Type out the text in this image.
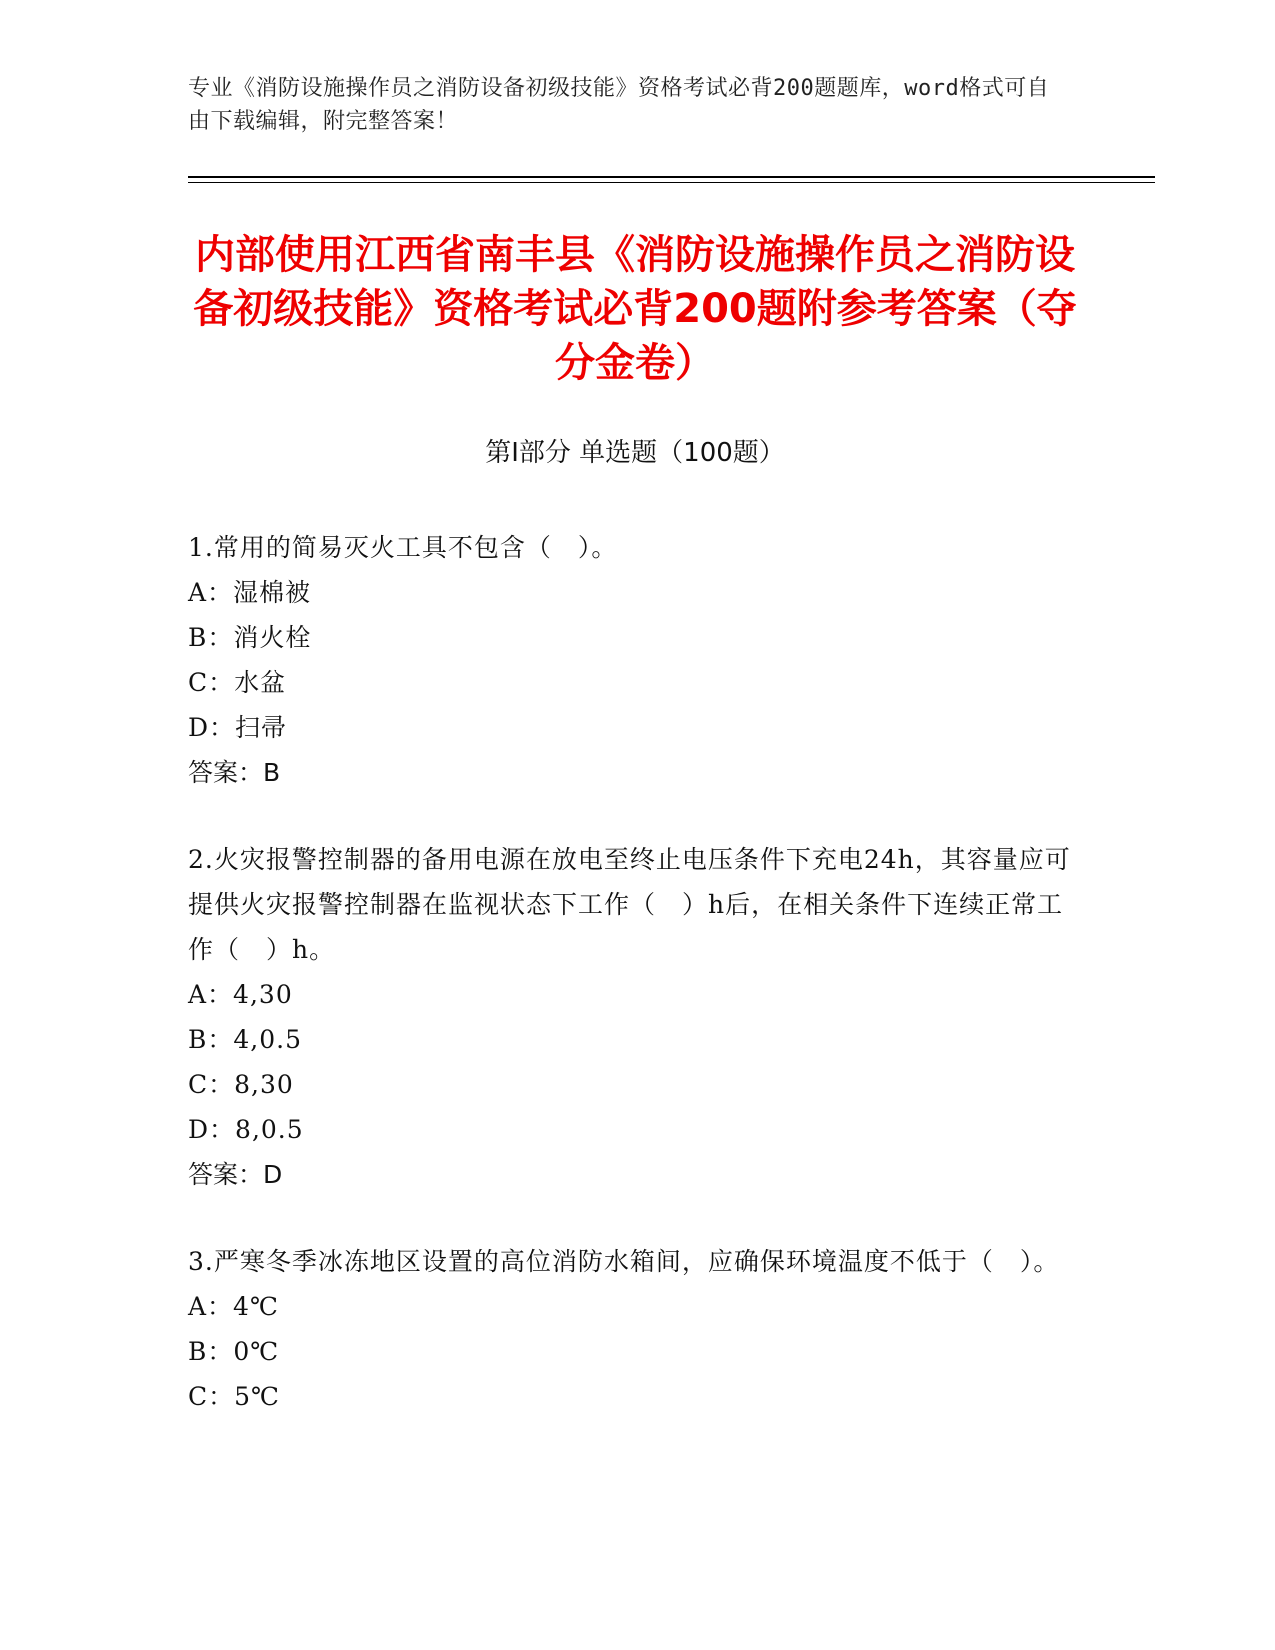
专业《消防设施操作员之消防设备初级技能》资格考试必背200题题库，word格式可自由下载编辑，附完整答案！
内部使用江西省南丰县《消防设施操作员之消防设备初级技能》资格考试必背200题附参考答案（夺分金卷）
第Ⅰ部分 单选题（100题）
1.常用的简易灭火工具不包含（　）。
A：湿棉被
B：消火栓
C：水盆
D：扫帚
答案：B
2.火灾报警控制器的备用电源在放电至终止电压条件下充电24h，其容量应可提供火灾报警控制器在监视状态下工作（　）h后，在相关条件下连续正常工作（　）h。
A：4,30
B：4,0.5
C：8,30
D：8,0.5
答案：D
3.严寒冬季冰冻地区设置的高位消防水箱间，应确保环境温度不低于（　）。
A：4℃
B：0℃
C：5℃
